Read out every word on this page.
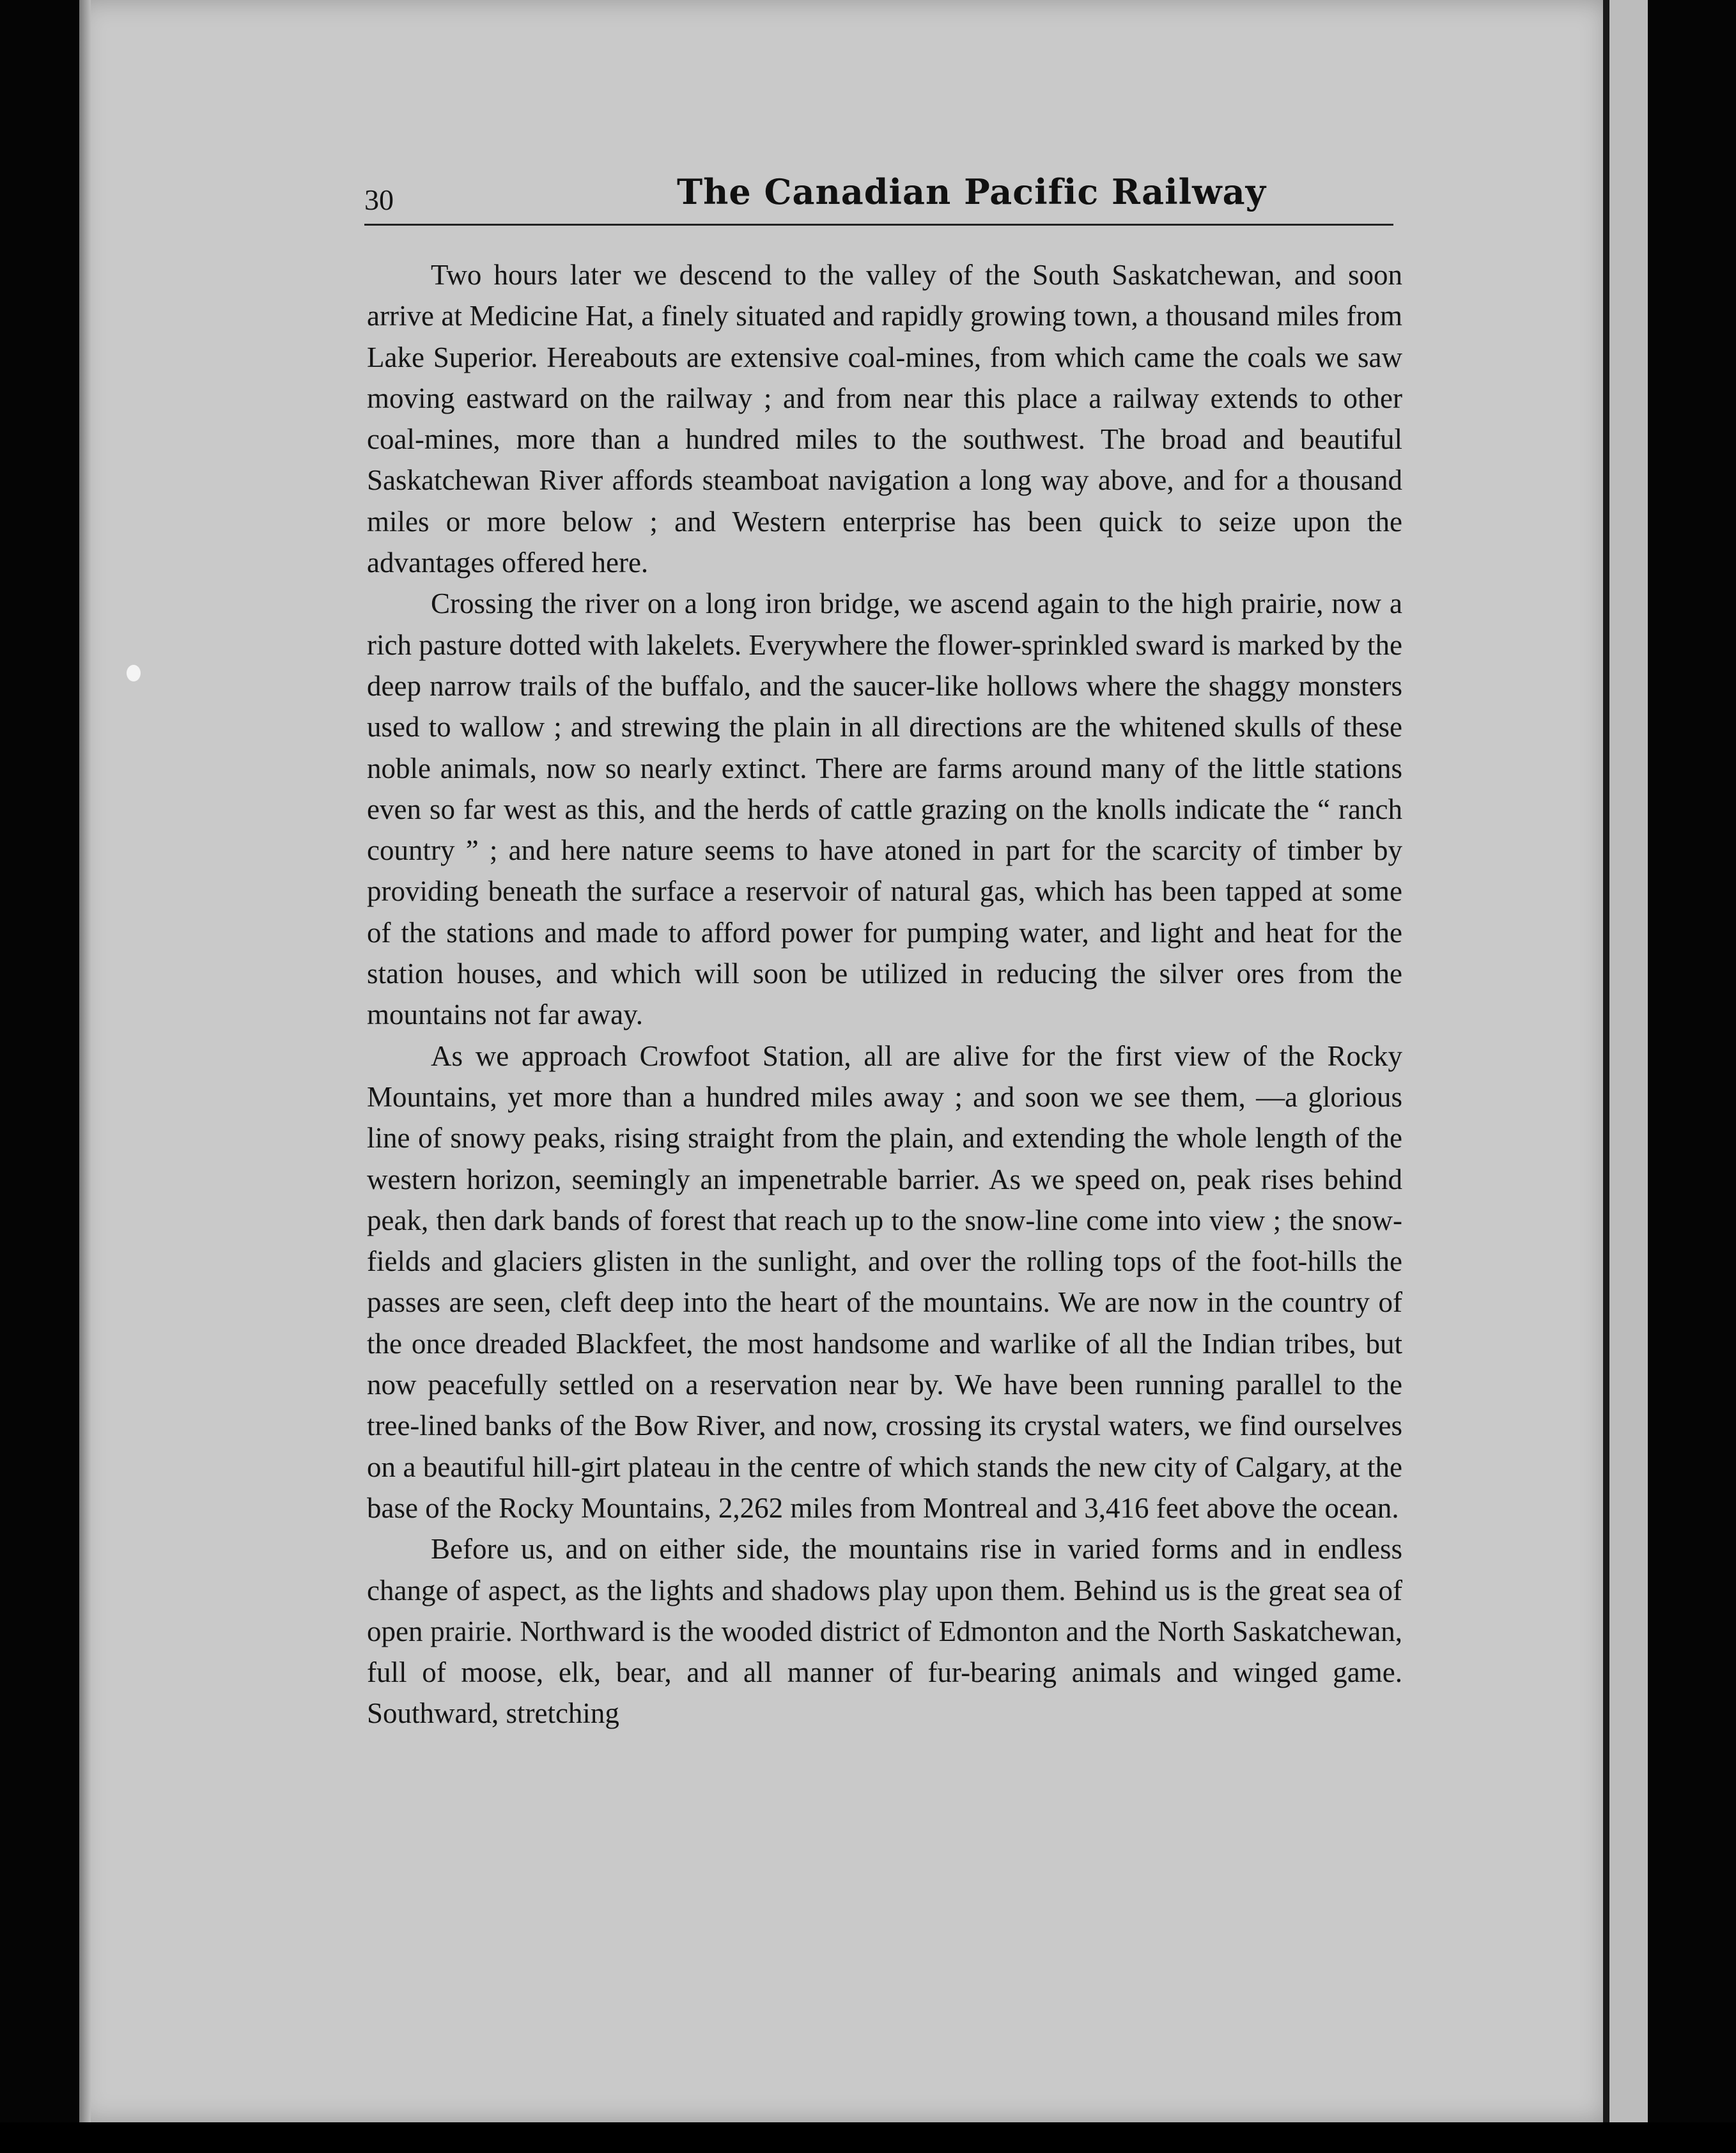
30	The Canadian Pacific Railway

Two hours later we descend to the valley of the South Saskatchewan, and soon arrive at Medicine Hat, a finely situated and rapidly growing town, a thousand miles from Lake Superior. Hereabouts are extensive coal-mines, from which came the coals we saw moving eastward on the railway ; and from near this place a railway extends to other coal-mines, more than a hundred miles to the southwest. The broad and beautiful Saskatchewan River affords steamboat navigation a long way above, and for a thousand miles or more below ; and Western enterprise has been quick to seize upon the advantages offered here.

Crossing the river on a long iron bridge, we ascend again to the high prairie, now a rich pasture dotted with lakelets. Everywhere the flower-sprinkled sward is marked by the deep narrow trails of the buffalo, and the saucer-like hollows where the shaggy monsters used to wallow ; and strewing the plain in all directions are the whitened skulls of these noble animals, now so nearly extinct. There are farms around many of the little stations even so far west as this, and the herds of cattle grazing on the knolls indicate the “ ranch country ” ; and here nature seems to have atoned in part for the scarcity of timber by providing beneath the surface a reservoir of natural gas, which has been tapped at some of the stations and made to afford power for pumping water, and light and heat for the station houses, and which will soon be utilized in reducing the silver ores from the mountains not far away.

As we approach Crowfoot Station, all are alive for the first view of the Rocky Mountains, yet more than a hundred miles away ; and soon we see them, —a glorious line of snowy peaks, rising straight from the plain, and extending the whole length of the western horizon, seemingly an impenetrable barrier. As we speed on, peak rises behind peak, then dark bands of forest that reach up to the snow-line come into view ; the snow-fields and glaciers glisten in the sunlight, and over the rolling tops of the foot-hills the passes are seen, cleft deep into the heart of the mountains. We are now in the country of the once dreaded Blackfeet, the most handsome and warlike of all the Indian tribes, but now peacefully settled on a reservation near by. We have been running parallel to the tree-lined banks of the Bow River, and now, crossing its crystal waters, we find ourselves on a beautiful hill-girt plateau in the centre of which stands the new city of Calgary, at the base of the Rocky Mountains, 2,262 miles from Montreal and 3,416 feet above the ocean.

Before us, and on either side, the mountains rise in varied forms and in endless change of aspect, as the lights and shadows play upon them. Behind us is the great sea of open prairie. Northward is the wooded district of Edmonton and the North Saskatchewan, full of moose, elk, bear, and all manner of fur-bearing animals and winged game. Southward, stretching
